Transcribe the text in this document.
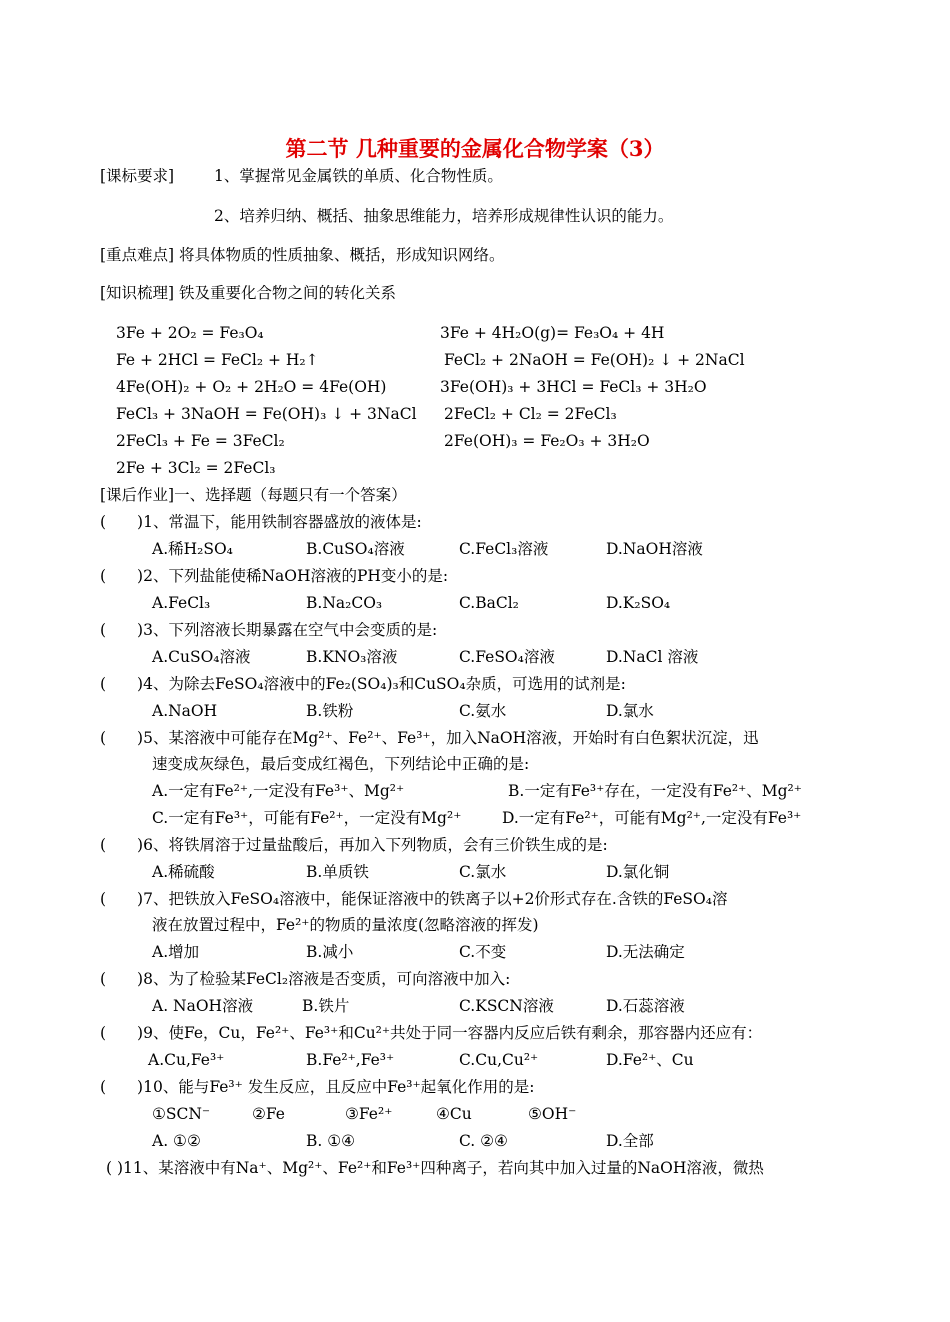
第二节 几种重要的金属化合物学案（3）
[课标要求]	1、掌握常见金属铁的单质、化合物性质。
2、培养归纳、概括、抽象思维能力，培养形成规律性认识的能力。
[重点难点] 将具体物质的性质抽象、概括，形成知识网络。
[知识梳理] 铁及重要化合物之间的转化关系
3Fe + 2O₂ = Fe₃O₄	3Fe + 4H₂O(g)= Fe₃O₄ + 4H
Fe + 2HCl = FeCl₂ + H₂↑	FeCl₂ + 2NaOH = Fe(OH)₂ ↓ + 2NaCl
4Fe(OH)₂ + O₂ + 2H₂O = 4Fe(OH)	3Fe(OH)₃ + 3HCl = FeCl₃ + 3H₂O
FeCl₃ + 3NaOH = Fe(OH)₃ ↓ + 3NaCl 2FeCl₂ + Cl₂ = 2FeCl₃
2FeCl₃ + Fe = 3FeCl₂	2Fe(OH)₃ = Fe₂O₃ + 3H₂O
2Fe + 3Cl₂ = 2FeCl₃
[课后作业]一、选择题（每题只有一个答案）
(　　)1、常温下，能用铁制容器盛放的液体是:
A.稀H₂SO₄	B.CuSO₄溶液	C.FeCl₃溶液	D.NaOH溶液
(　　)2、下列盐能使稀NaOH溶液的PH变小的是:
A.FeCl₃	B.Na₂CO₃	C.BaCl₂	D.K₂SO₄
(　　)3、下列溶液长期暴露在空气中会变质的是:
A.CuSO₄溶液	B.KNO₃溶液	C.FeSO₄溶液	D.NaCl 溶液
(　　)4、为除去FeSO₄溶液中的Fe₂(SO₄)₃和CuSO₄杂质，可选用的试剂是:
A.NaOH	B.铁粉	C.氨水	D.氯水
(　　)5、某溶液中可能存在Mg²⁺、Fe²⁺、Fe³⁺，加入NaOH溶液，开始时有白色絮状沉淀，迅
速变成灰绿色，最后变成红褐色，下列结论中正确的是:
A.一定有Fe²⁺,一定没有Fe³⁺、Mg²⁺	B.一定有Fe³⁺存在，一定没有Fe²⁺、Mg²⁺
C.一定有Fe³⁺，可能有Fe²⁺，一定没有Mg²⁺	D.一定有Fe²⁺，可能有Mg²⁺,一定没有Fe³⁺
(　　)6、将铁屑溶于过量盐酸后，再加入下列物质，会有三价铁生成的是:
A.稀硫酸	B.单质铁	C.氯水	D.氯化铜
(　　)7、把铁放入FeSO₄溶液中，能保证溶液中的铁离子以+2价形式存在.含铁的FeSO₄溶
液在放置过程中，Fe²⁺的物质的量浓度(忽略溶液的挥发)
A.增加	B.减小	C.不变	D.无法确定
(　　)8、为了检验某FeCl₂溶液是否变质，可向溶液中加入:
A. NaOH溶液	B.铁片	C.KSCN溶液	D.石蕊溶液
(　　)9、使Fe，Cu，Fe²⁺、Fe³⁺和Cu²⁺共处于同一容器内反应后铁有剩余，那容器内还应有：
A.Cu,Fe³⁺	B.Fe²⁺,Fe³⁺	C.Cu,Cu²⁺	D.Fe²⁺、Cu
(　　)10、能与Fe³⁺ 发生反应，且反应中Fe³⁺起氧化作用的是:
①SCN⁻	②Fe	③Fe²⁺	④Cu	⑤OH⁻
A. ①②	B. ①④	C. ②④	D.全部
( )11、某溶液中有Na⁺、Mg²⁺、Fe²⁺和Fe³⁺四种离子，若向其中加入过量的NaOH溶液，微热
